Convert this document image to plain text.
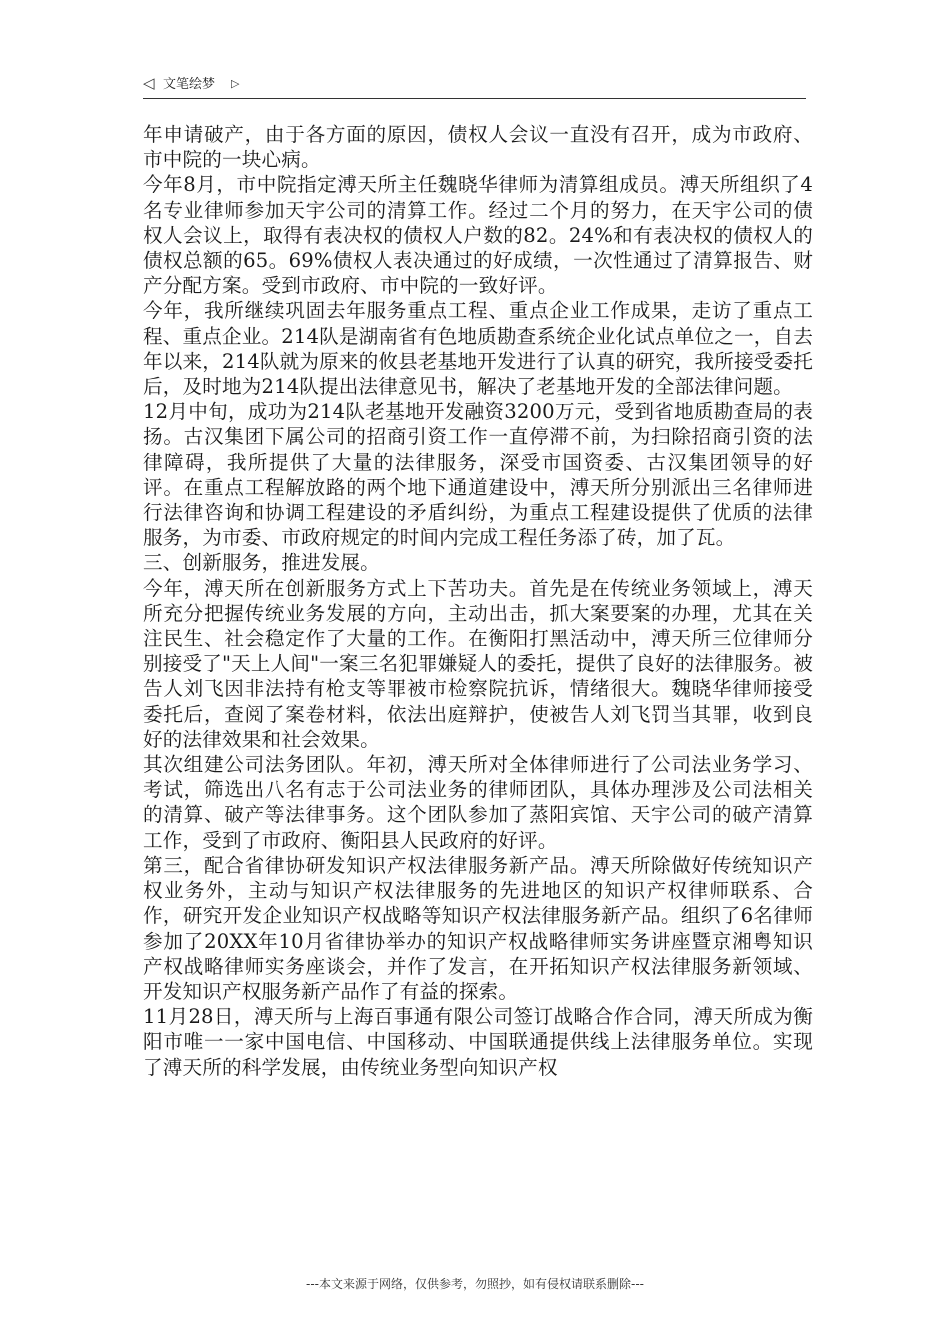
◁ 文笔绘梦 ▷

年申请破产，由于各方面的原因，债权人会议一直没有召开，成为市政府、市中院的一块心病。

今年8月，市中院指定溥天所主任魏晓华律师为清算组成员。溥天所组织了4名专业律师参加天宇公司的清算工作。经过二个月的努力，在天宇公司的债权人会议上，取得有表决权的债权人户数的82。24%和有表决权的债权人的债权总额的65。69%债权人表决通过的好成绩，一次性通过了清算报告、财产分配方案。受到市政府、市中院的一致好评。

今年，我所继续巩固去年服务重点工程、重点企业工作成果，走访了重点工程、重点企业。214队是湖南省有色地质勘查系统企业化试点单位之一，自去年以来，214队就为原来的攸县老基地开发进行了认真的研究，我所接受委托后，及时地为214队提出法律意见书，解决了老基地开发的全部法律问题。

12月中旬，成功为214队老基地开发融资3200万元，受到省地质勘查局的表扬。古汉集团下属公司的招商引资工作一直停滞不前，为扫除招商引资的法律障碍，我所提供了大量的法律服务，深受市国资委、古汉集团领导的好评。在重点工程解放路的两个地下通道建设中，溥天所分别派出三名律师进行法律咨询和协调工程建设的矛盾纠纷，为重点工程建设提供了优质的法律服务，为市委、市政府规定的时间内完成工程任务添了砖，加了瓦。

三、创新服务，推进发展。

今年，溥天所在创新服务方式上下苦功夫。首先是在传统业务领域上，溥天所充分把握传统业务发展的方向，主动出击，抓大案要案的办理，尤其在关注民生、社会稳定作了大量的工作。在衡阳打黑活动中，溥天所三位律师分别接受了"天上人间"一案三名犯罪嫌疑人的委托，提供了良好的法律服务。被告人刘飞因非法持有枪支等罪被市检察院抗诉，情绪很大。魏晓华律师接受委托后，查阅了案卷材料，依法出庭辩护，使被告人刘飞罚当其罪，收到良好的法律效果和社会效果。

其次组建公司法务团队。年初，溥天所对全体律师进行了公司法业务学习、考试，筛选出八名有志于公司法业务的律师团队，具体办理涉及公司法相关的清算、破产等法律事务。这个团队参加了蒸阳宾馆、天宇公司的破产清算工作，受到了市政府、衡阳县人民政府的好评。

第三，配合省律协研发知识产权法律服务新产品。溥天所除做好传统知识产权业务外，主动与知识产权法律服务的先进地区的知识产权律师联系、合作，研究开发企业知识产权战略等知识产权法律服务新产品。组织了6名律师参加了20XX年10月省律协举办的知识产权战略律师实务讲座暨京湘粤知识产权战略律师实务座谈会，并作了发言，在开拓知识产权法律服务新领域、开发知识产权服务新产品作了有益的探索。

11月28日，溥天所与上海百事通有限公司签订战略合作合同，溥天所成为衡阳市唯一一家中国电信、中国移动、中国联通提供线上法律服务单位。实现了溥天所的科学发展，由传统业务型向知识产权

---本文来源于网络，仅供参考，勿照抄，如有侵权请联系删除---
